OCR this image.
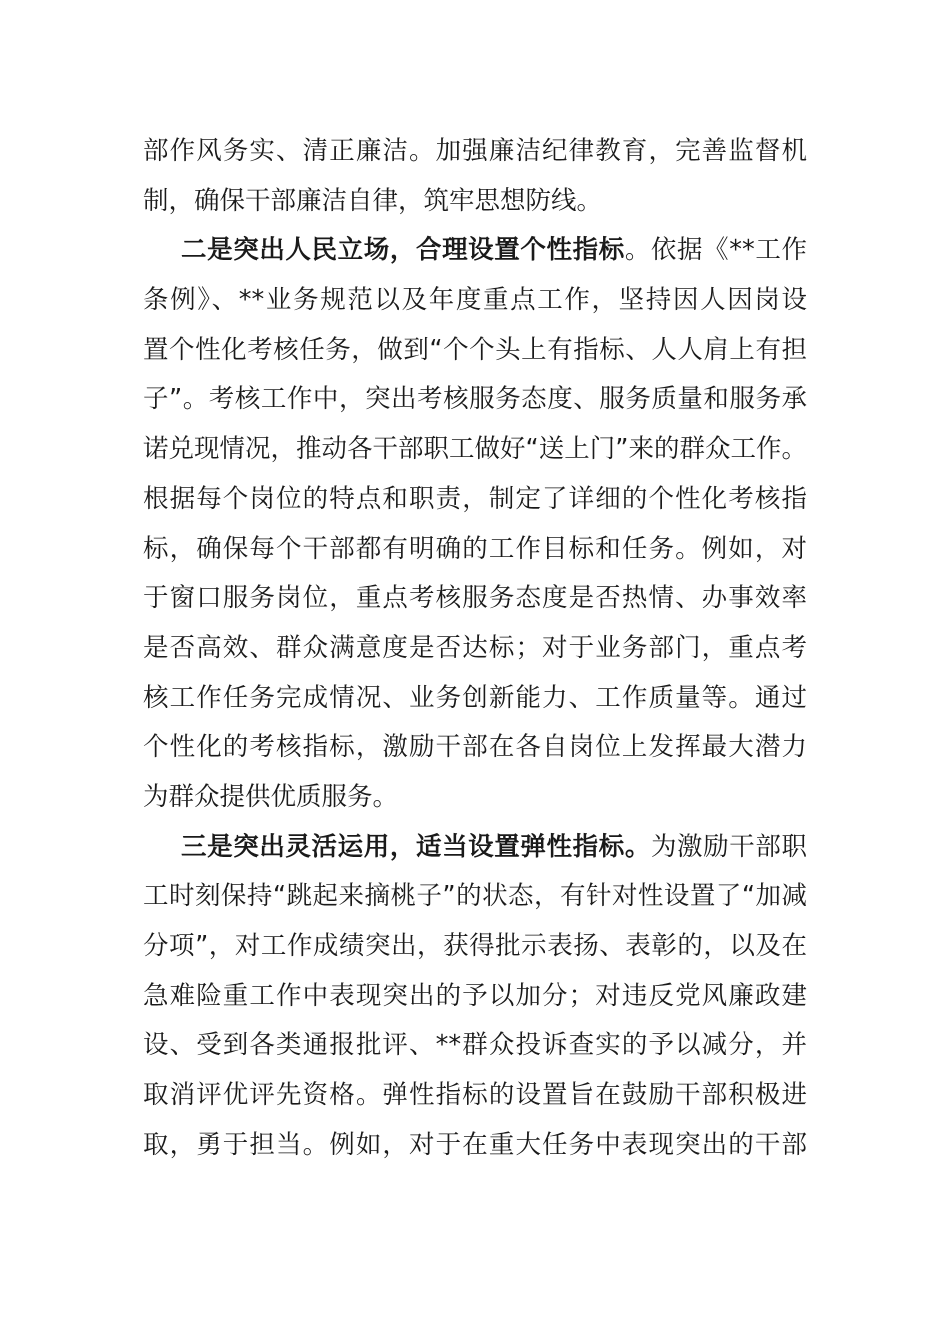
部作风务实、清正廉洁。加强廉洁纪律教育，完善监督机
制，确保干部廉洁自律，筑牢思想防线。
二是突出人民立场，合理设置个性指标。依据《**工作
条例》、**业务规范以及年度重点工作，坚持因人因岗设
置个性化考核任务，做到“个个头上有指标、人人肩上有担
子”。考核工作中，突出考核服务态度、服务质量和服务承
诺兑现情况，推动各干部职工做好“送上门”来的群众工作。
根据每个岗位的特点和职责，制定了详细的个性化考核指
标，确保每个干部都有明确的工作目标和任务。例如，对
于窗口服务岗位，重点考核服务态度是否热情、办事效率
是否高效、群众满意度是否达标；对于业务部门，重点考
核工作任务完成情况、业务创新能力、工作质量等。通过
个性化的考核指标，激励干部在各自岗位上发挥最大潜力
为群众提供优质服务。
三是突出灵活运用，适当设置弹性指标。为激励干部职
工时刻保持“跳起来摘桃子”的状态，有针对性设置了“加减
分项”，对工作成绩突出，获得批示表扬、表彰的，以及在
急难险重工作中表现突出的予以加分；对违反党风廉政建
设、受到各类通报批评、**群众投诉查实的予以减分，并
取消评优评先资格。弹性指标的设置旨在鼓励干部积极进
取，勇于担当。例如，对于在重大任务中表现突出的干部
